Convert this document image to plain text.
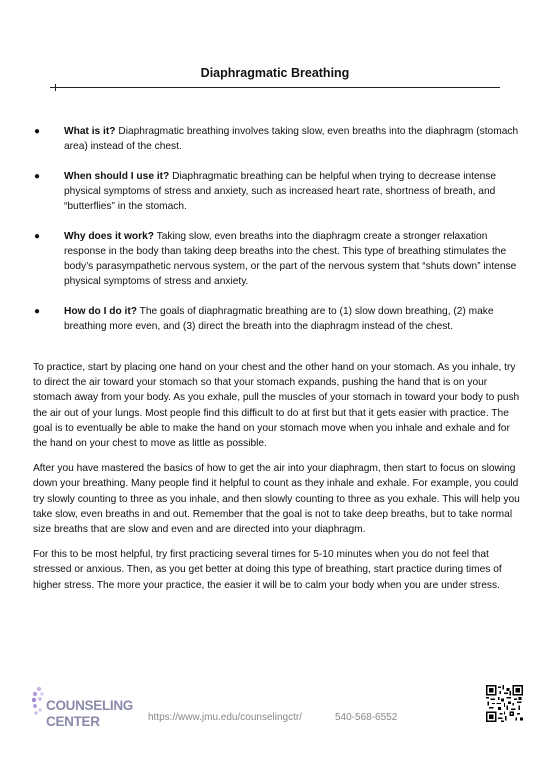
Diaphragmatic Breathing
● What is it? Diaphragmatic breathing involves taking slow, even breaths into the diaphragm (stomach area) instead of the chest.
● When should I use it? Diaphragmatic breathing can be helpful when trying to decrease intense physical symptoms of stress and anxiety, such as increased heart rate, shortness of breath, and “butterflies” in the stomach.
● Why does it work? Taking slow, even breaths into the diaphragm create a stronger relaxation response in the body than taking deep breaths into the chest. This type of breathing stimulates the body’s parasympathetic nervous system, or the part of the nervous system that “shuts down” intense physical symptoms of stress and anxiety.
● How do I do it? The goals of diaphragmatic breathing are to (1) slow down breathing, (2) make breathing more even, and (3) direct the breath into the diaphragm instead of the chest.

To practice, start by placing one hand on your chest and the other hand on your stomach. As you inhale, try to direct the air toward your stomach so that your stomach expands, pushing the hand that is on your stomach away from your body. As you exhale, pull the muscles of your stomach in toward your body to push the air out of your lungs. Most people find this difficult to do at first but that it gets easier with practice. The goal is to eventually be able to make the hand on your stomach move when you inhale and exhale and for the hand on your chest to move as little as possible.

After you have mastered the basics of how to get the air into your diaphragm, then start to focus on slowing down your breathing. Many people find it helpful to count as they inhale and exhale. For example, you could try slowly counting to three as you inhale, and then slowly counting to three as you exhale. This will help you take slow, even breaths in and out. Remember that the goal is not to take deep breaths, but to take normal size breaths that are slow and even and are directed into your diaphragm.

For this to be most helpful, try first practicing several times for 5-10 minutes when you do not feel that stressed or anxious. Then, as you get better at doing this type of breathing, start practice during times of higher stress. The more your practice, the easier it will be to calm your body when you are under stress.

COUNSELING
CENTER	https://www.jmu.edu/counselingctr/	540-568-6552
